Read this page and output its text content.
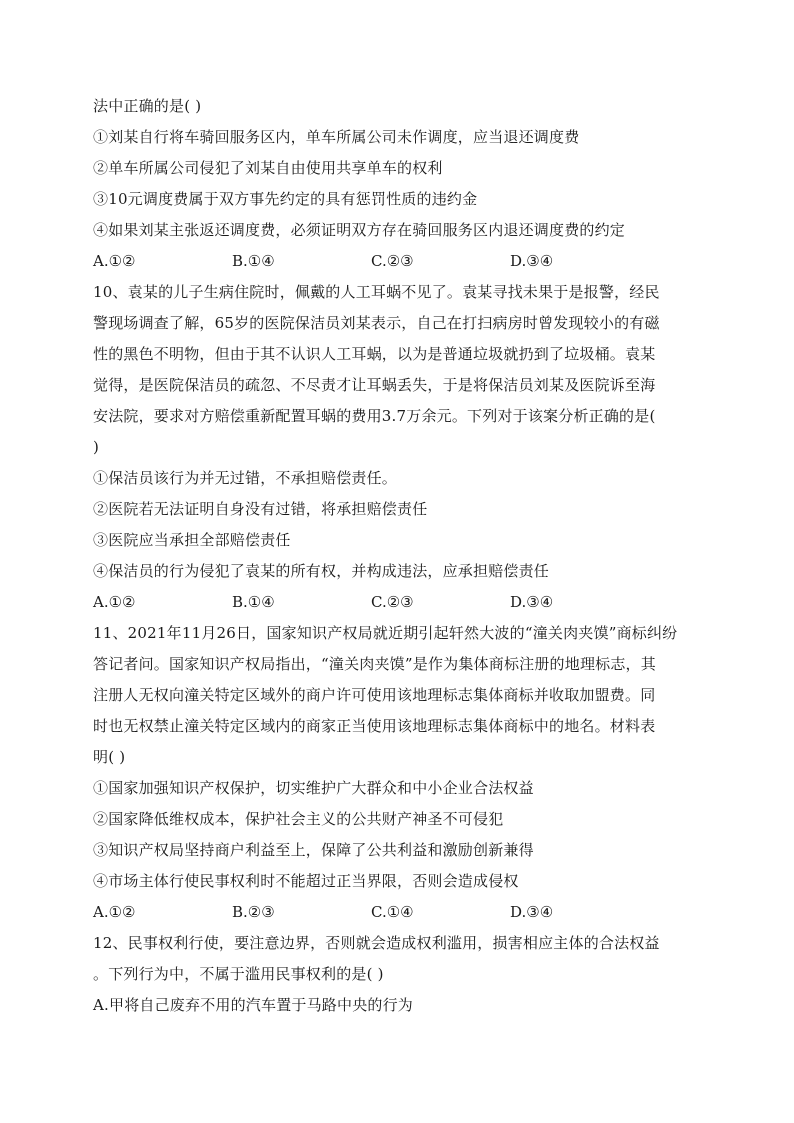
法中正确的是( )
①刘某自行将车骑回服务区内，单车所属公司未作调度，应当退还调度费
②单车所属公司侵犯了刘某自由使用共享单车的权利
③10元调度费属于双方事先约定的具有惩罚性质的违约金
④如果刘某主张返还调度费，必须证明双方存在骑回服务区内退还调度费的约定
A.①②	B.①④	C.②③	D.③④
10、袁某的儿子生病住院时，佩戴的人工耳蜗不见了。袁某寻找未果于是报警，经民
警现场调查了解，65岁的医院保洁员刘某表示，自己在打扫病房时曾发现较小的有磁
性的黑色不明物，但由于其不认识人工耳蜗，以为是普通垃圾就扔到了垃圾桶。袁某
觉得，是医院保洁员的疏忽、不尽责才让耳蜗丢失，于是将保洁员刘某及医院诉至海
安法院，要求对方赔偿重新配置耳蜗的费用3.7万余元。下列对于该案分析正确的是(
)
①保洁员该行为并无过错，不承担赔偿责任。
②医院若无法证明自身没有过错，将承担赔偿责任
③医院应当承担全部赔偿责任
④保洁员的行为侵犯了袁某的所有权，并构成违法，应承担赔偿责任
A.①②	B.①④	C.②③	D.③④
11、2021年11月26日，国家知识产权局就近期引起轩然大波的“潼关肉夹馍”商标纠纷
答记者问。国家知识产权局指出，“潼关肉夹馍”是作为集体商标注册的地理标志，其
注册人无权向潼关特定区域外的商户许可使用该地理标志集体商标并收取加盟费。同
时也无权禁止潼关特定区域内的商家正当使用该地理标志集体商标中的地名。材料表
明( )
①国家加强知识产权保护，切实维护广大群众和中小企业合法权益
②国家降低维权成本，保护社会主义的公共财产神圣不可侵犯
③知识产权局坚持商户利益至上，保障了公共利益和激励创新兼得
④市场主体行使民事权利时不能超过正当界限，否则会造成侵权
A.①②	B.②③	C.①④	D.③④
12、民事权利行使，要注意边界，否则就会造成权利滥用，损害相应主体的合法权益
。下列行为中，不属于滥用民事权利的是( )
A.甲将自己废弃不用的汽车置于马路中央的行为
